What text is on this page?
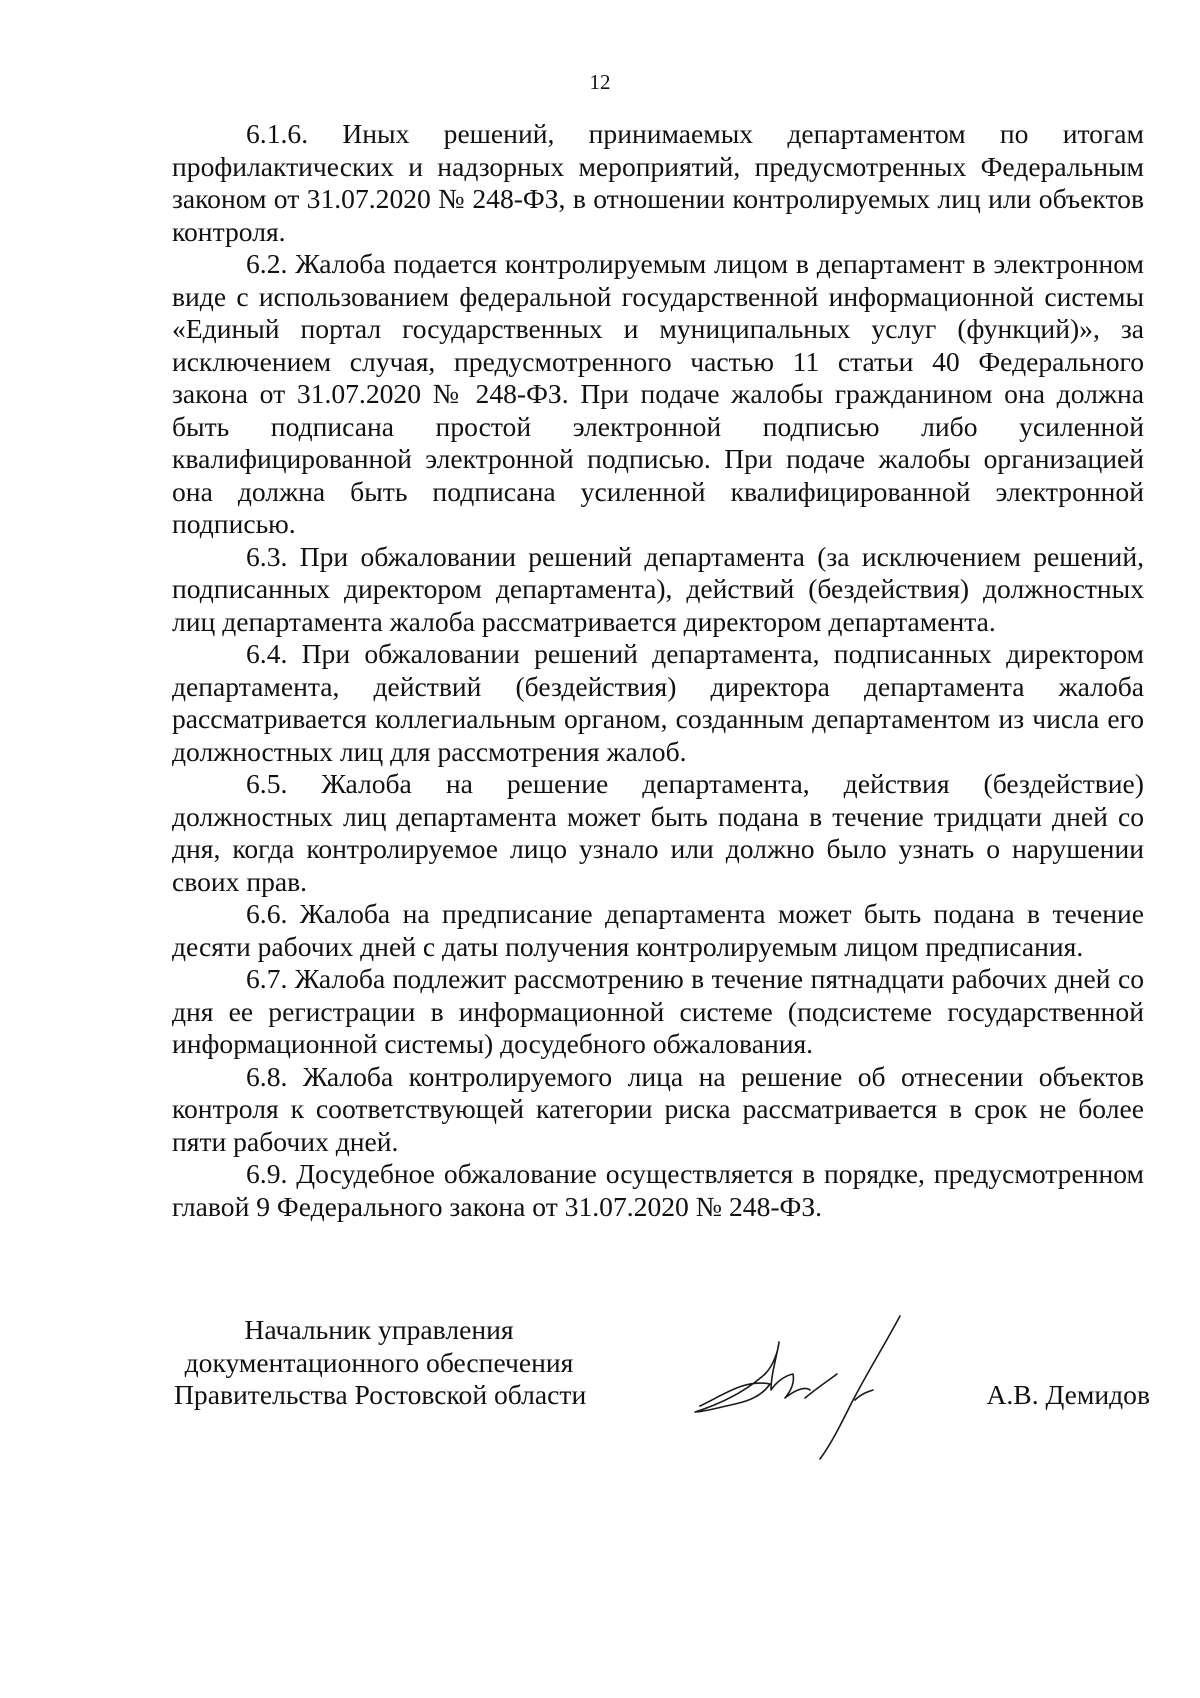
12

6.1.6. Иных решений, принимаемых департаментом по итогам профилактических и надзорных мероприятий, предусмотренных Федеральным законом от 31.07.2020 № 248-ФЗ, в отношении контролируемых лиц или объектов контроля.

6.2. Жалоба подается контролируемым лицом в департамент в электронном виде с использованием федеральной государственной информационной системы «Единый портал государственных и муниципальных услуг (функций)», за исключением случая, предусмотренного частью 11 статьи 40 Федерального закона от 31.07.2020 № 248-ФЗ. При подаче жалобы гражданином она должна быть подписана простой электронной подписью либо усиленной квалифицированной электронной подписью. При подаче жалобы организацией она должна быть подписана усиленной квалифицированной электронной подписью.

6.3. При обжаловании решений департамента (за исключением решений, подписанных директором департамента), действий (бездействия) должностных лиц департамента жалоба рассматривается директором департамента.

6.4. При обжаловании решений департамента, подписанных директором департамента, действий (бездействия) директора департамента жалоба рассматривается коллегиальным органом, созданным департаментом из числа его должностных лиц для рассмотрения жалоб.

6.5. Жалоба на решение департамента, действия (бездействие) должностных лиц департамента может быть подана в течение тридцати дней со дня, когда контролируемое лицо узнало или должно было узнать о нарушении своих прав.

6.6. Жалоба на предписание департамента может быть подана в течение десяти рабочих дней с даты получения контролируемым лицом предписания.

6.7. Жалоба подлежит рассмотрению в течение пятнадцати рабочих дней со дня ее регистрации в информационной системе (подсистеме государственной информационной системы) досудебного обжалования.

6.8. Жалоба контролируемого лица на решение об отнесении объектов контроля к соответствующей категории риска рассматривается в срок не более пяти рабочих дней.

6.9. Досудебное обжалование осуществляется в порядке, предусмотренном главой 9 Федерального закона от 31.07.2020 № 248-ФЗ.

Начальник управления
документационного обеспечения
Правительства Ростовской области	А.В. Демидов
